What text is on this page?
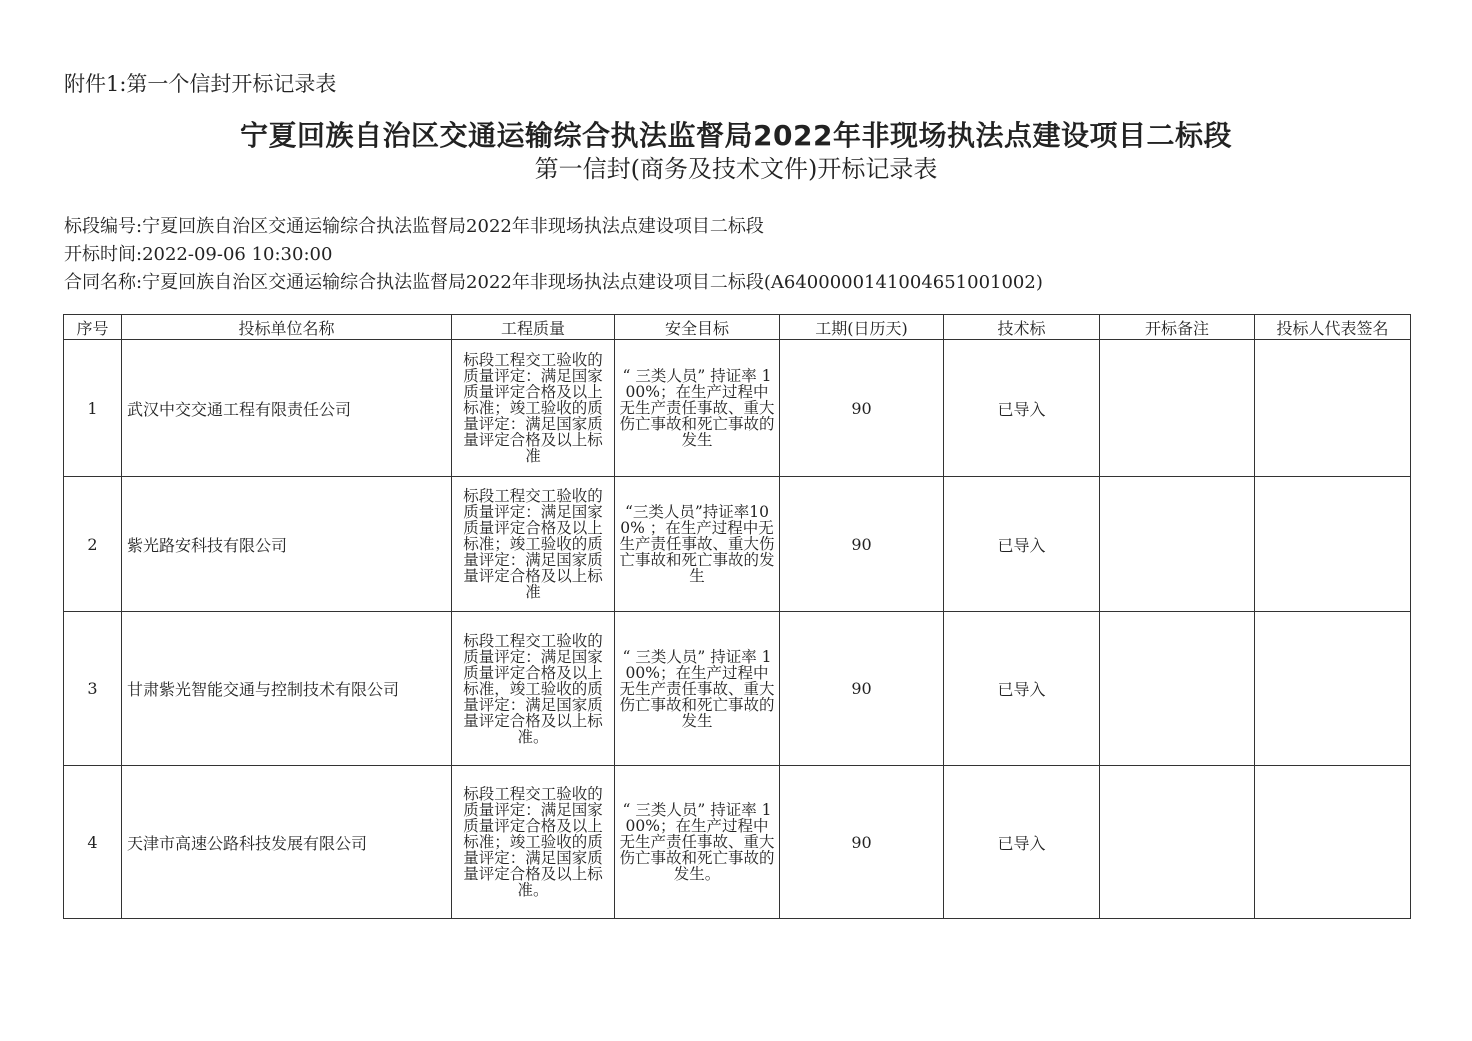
附件1:第一个信封开标记录表
宁夏回族自治区交通运输综合执法监督局2022年非现场执法点建设项目二标段
第一信封(商务及技术文件)开标记录表
标段编号:宁夏回族自治区交通运输综合执法监督局2022年非现场执法点建设项目二标段
开标时间:2022-09-06 10:30:00
合同名称:宁夏回族自治区交通运输综合执法监督局2022年非现场执法点建设项目二标段(A64000001410046510010​02)
序号	投标单位名称	工程质量	安全目标	工期(日历天)	技术标	开标备注	投标人代表签名
1	武汉中交交通工程有限责任公司	标段工程交工验收的质量评定：满足国家质量评定合格及以上标准；竣工验收的质量评定：满足国家质量评定合格及以上标准	“ 三类人员” 持证率 100%；在生产过程中无生产责任事故、重大伤亡事故和死亡事故的发生	90	已导入		
2	紫光路安科技有限公司	标段工程交工验收的质量评定：满足国家质量评定合格及以上标准；竣工验收的质量评定：满足国家质量评定合格及以上标准	“三类人员”持证率100% ；在生产过程中无生产责任事故、重大伤亡事故和死亡事故的发生	90	已导入		
3	甘肃紫光智能交通与控制技术有限公司	标段工程交工验收的质量评定：满足国家质量评定合格及以上标准，竣工验收的质量评定：满足国家质量评定合格及以上标准。	“ 三类人员” 持证率 100%；在生产过程中无生产责任事故、重大伤亡事故和死亡事故的发生	90	已导入		
4	天津市高速公路科技发展有限公司	标段工程交工验收的质量评定：满足国家质量评定合格及以上标准；竣工验收的质量评定：满足国家质量评定合格及以上标准。	“ 三类人员” 持证率 100%；在生产过程中无生产责任事故、重大伤亡事故和死亡事故的发生。	90	已导入		
